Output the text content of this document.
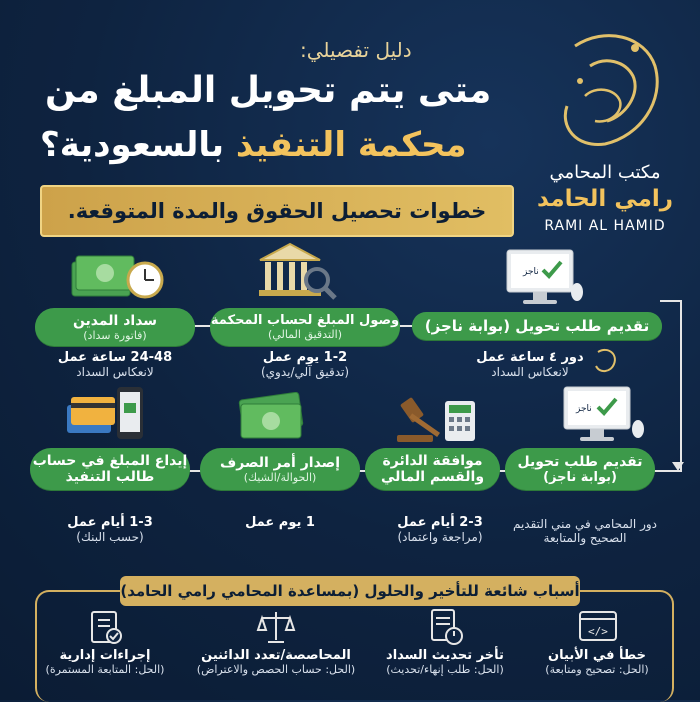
دليل تفصيلي:
متى يتم تحويل المبلغ من
محكمة التنفيذ بالسعودية؟
خطوات تحصيل الحقوق والمدة المتوقعة.
مكتب المحامي
رامي الحامد
RAMI AL HAMID
ناجز
تقديم طلب تحويل (بوابة ناجز)
وصول المبلغ لحساب المحكمة
(التدقيق المالي)
سداد المدين
(فاتورة سداد)
دور ٤ ساعة عمل
لانعكاس السداد
1-2 يوم عمل
(تدقيق آلي/يدوي)
24-48 ساعة عمل
لانعكاس السداد
ناجز
تقديم طلب تحويل
(بوابة ناجز)
موافقة الدائرة والقسم المالي
إصدار أمر الصرف
(الحوالة/الشيك)
إيداع المبلغ في حساب طالب التنفيذ
دور المحامي في مني التقديم الصحيح والمتابعة
2-3 أيام عمل
(مراجعة واعتماد)
1 يوم عمل
1-3 أيام عمل
(حسب البنك)
أسباب شائعة للتأخير والحلول (بمساعدة المحامي رامي الحامد)
</>
خطأ في الأبيان
(الحل: تصحيح ومتابعة)
تأخر تحديث السداد
(الحل: طلب إنهاء/تحديث)
المحاصصة/تعدد الدائنين
(الحل: حساب الحصص والاعتراض)
إجراءات إدارية
(الحل: المتابعة المستمرة)
